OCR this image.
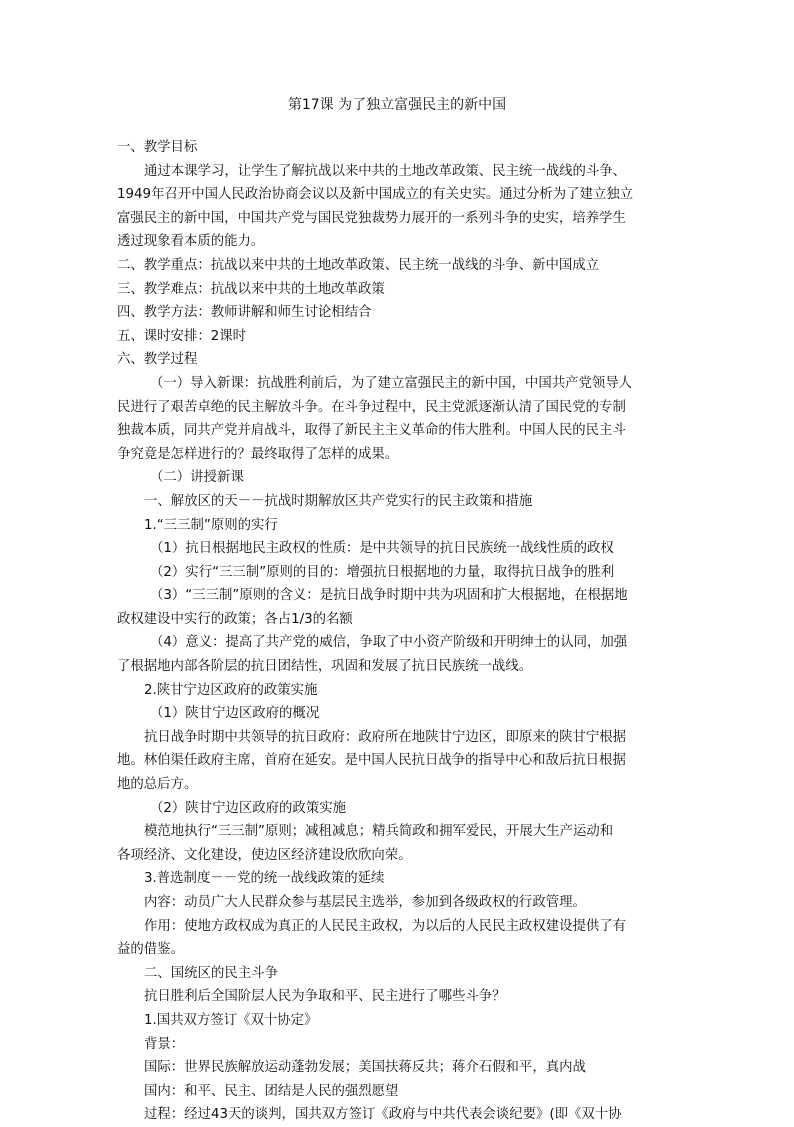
第17课 为了独立富强民主的新中国
一、教学目标
通过本课学习，让学生了解抗战以来中共的土地改革政策、民主统一战线的斗争、
1949年召开中国人民政治协商会议以及新中国成立的有关史实。通过分析为了建立独立
富强民主的新中国，中国共产党与国民党独裁势力展开的一系列斗争的史实，培养学生
透过现象看本质的能力。
二、教学重点：抗战以来中共的土地改革政策、民主统一战线的斗争、新中国成立
三、教学难点：抗战以来中共的土地改革政策
四、教学方法：教师讲解和师生讨论相结合
五、课时安排：2课时
六、教学过程
（一）导入新课：抗战胜利前后，为了建立富强民主的新中国，中国共产党领导人
民进行了艰苦卓绝的民主解放斗争。在斗争过程中，民主党派逐渐认清了国民党的专制
独裁本质，同共产党并肩战斗，取得了新民主主义革命的伟大胜利。中国人民的民主斗
争究竟是怎样进行的？最终取得了怎样的成果。
（二）讲授新课
一、解放区的天－－抗战时期解放区共产党实行的民主政策和措施
1.“三三制”原则的实行
（1）抗日根据地民主政权的性质：是中共领导的抗日民族统一战线性质的政权
（2）实行“三三制”原则的目的：增强抗日根据地的力量，取得抗日战争的胜利
（3）“三三制”原则的含义：是抗日战争时期中共为巩固和扩大根据地，在根据地
政权建设中实行的政策；各占1/3的名额
（4）意义：提高了共产党的威信，争取了中小资产阶级和开明绅士的认同，加强
了根据地内部各阶层的抗日团结性，巩固和发展了抗日民族统一战线。
2.陕甘宁边区政府的政策实施
（1）陕甘宁边区政府的概况
抗日战争时期中共领导的抗日政府：政府所在地陕甘宁边区，即原来的陕甘宁根据
地。林伯渠任政府主席，首府在延安。是中国人民抗日战争的指导中心和敌后抗日根据
地的总后方。
（2）陕甘宁边区政府的政策实施
模范地执行“三三制”原则；减租减息；精兵简政和拥军爱民，开展大生产运动和
各项经济、文化建设，使边区经济建设欣欣向荣。
3.普选制度－－党的统一战线政策的延续
内容：动员广大人民群众参与基层民主选举，参加到各级政权的行政管理。
作用：使地方政权成为真正的人民民主政权，为以后的人民民主政权建设提供了有
益的借鉴。
二、国统区的民主斗争
抗日胜利后全国阶层人民为争取和平、民主进行了哪些斗争？
1.国共双方签订《双十协定》
背景：
国际：世界民族解放运动蓬勃发展；美国扶蒋反共；蒋介石假和平，真内战
国内：和平、民主、团结是人民的强烈愿望
过程：经过43天的谈判，国共双方签订《政府与中共代表会谈纪要》(即《双十协
